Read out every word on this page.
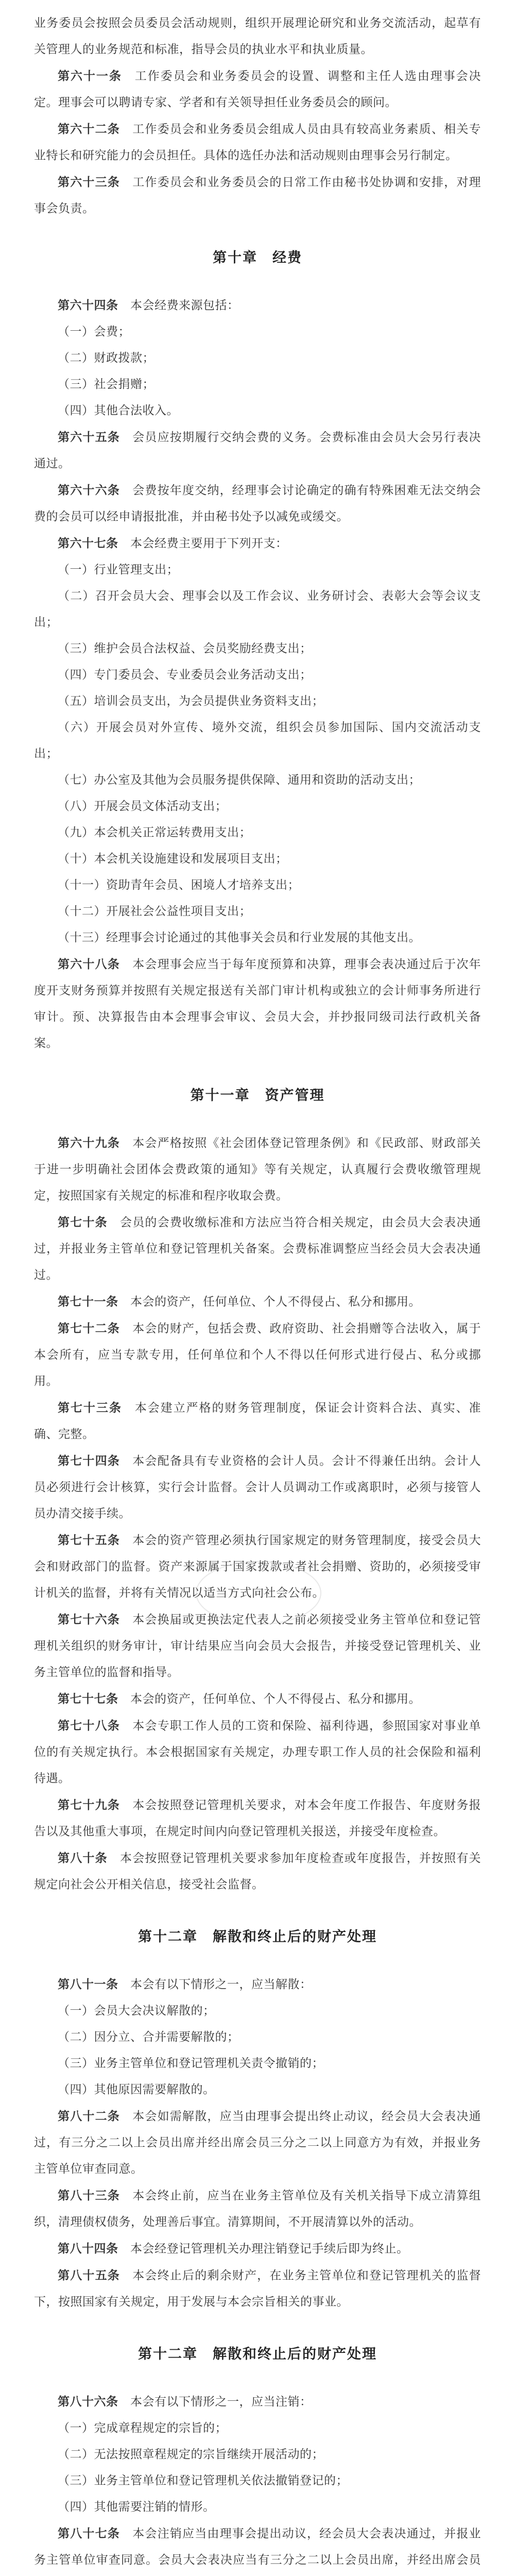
业务委员会按照会员委员会活动规则，组织开展理论研究和业务交流活动，起草有关管理人的业务规范和标准，指导会员的执业水平和执业质量。

第六十一条　 工作委员会和业务委员会的设置、调整和主任人选由理事会决定。理事会可以聘请专家、学者和有关领导担任业务委员会的顾问。

第六十二条　 工作委员会和业务委员会组成人员由具有较高业务素质、相关专业特长和研究能力的会员担任。具体的选任办法和活动规则由理事会另行制定。

第六十三条　 工作委员会和业务委员会的日常工作由秘书处协调和安排，对理事会负责。

第十章　经费

第六十四条　 本会经费来源包括：

（一）会费；

（二）财政拨款；

（三）社会捐赠；

（四）其他合法收入。

第六十五条　 会员应按期履行交纳会费的义务。会费标准由会员大会另行表决通过。

第六十六条　 会费按年度交纳，经理事会讨论确定的确有特殊困难无法交纳会费的会员可以经申请报批准，并由秘书处予以减免或缓交。

第六十七条　 本会经费主要用于下列开支：

（一）行业管理支出；

（二）召开会员大会、理事会以及工作会议、业务研讨会、表彰大会等会议支出；

（三）维护会员合法权益、会员奖励经费支出；

（四）专门委员会、专业委员会业务活动支出；

（五）培训会员支出，为会员提供业务资料支出；

（六）开展会员对外宣传、境外交流，组织会员参加国际、国内交流活动支出；

（七）办公室及其他为会员服务提供保障、通用和资助的活动支出；

（八）开展会员文体活动支出；

（九）本会机关正常运转费用支出；

（十）本会机关设施建设和发展项目支出；

（十一）资助青年会员、困境人才培养支出；

（十二）开展社会公益性项目支出；

（十三）经理事会讨论通过的其他事关会员和行业发展的其他支出。

第六十八条　 本会理事会应当于每年度预算和决算，理事会表决通过后于次年度开支财务预算并按照有关规定报送有关部门审计机构或独立的会计师事务所进行审计。预、决算报告由本会理事会审议、会员大会，并抄报同级司法行政机关备案。

第十一章　资产管理

第六十九条　 本会严格按照《社会团体登记管理条例》和《民政部、财政部关于进一步明确社会团体会费政策的通知》等有关规定，认真履行会费收缴管理规定，按照国家有关规定的标准和程序收取会费。

第七十条　 会员的会费收缴标准和方法应当符合相关规定，由会员大会表决通过，并报业务主管单位和登记管理机关备案。会费标准调整应当经会员大会表决通过。

第七十一条　 本会的资产，任何单位、个人不得侵占、私分和挪用。

第七十二条　 本会的财产，包括会费、政府资助、社会捐赠等合法收入，属于本会所有，应当专款专用，任何单位和个人不得以任何形式进行侵占、私分或挪用。

第七十三条　 本会建立严格的财务管理制度，保证会计资料合法、真实、准确、完整。

第七十四条　 本会配备具有专业资格的会计人员。会计不得兼任出纳。会计人员必须进行会计核算，实行会计监督。会计人员调动工作或离职时，必须与接管人员办清交接手续。

第七十五条　 本会的资产管理必须执行国家规定的财务管理制度，接受会员大会和财政部门的监督。资产来源属于国家拨款或者社会捐赠、资助的，必须接受审计机关的监督，并将有关情况以适当方式向社会公布。

第七十六条　 本会换届或更换法定代表人之前必须接受业务主管单位和登记管理机关组织的财务审计，审计结果应当向会员大会报告，并接受登记管理机关、业务主管单位的监督和指导。

第七十七条　 本会的资产，任何单位、个人不得侵占、私分和挪用。

第七十八条　 本会专职工作人员的工资和保险、福利待遇，参照国家对事业单位的有关规定执行。本会根据国家有关规定，办理专职工作人员的社会保险和福利待遇。

第七十九条　 本会按照登记管理机关要求，对本会年度工作报告、年度财务报告以及其他重大事项，在规定时间内向登记管理机关报送，并接受年度检查。

第八十条　 本会按照登记管理机关要求参加年度检查或年度报告，并按照有关规定向社会公开相关信息，接受社会监督。

第十二章　解散和终止后的财产处理

第八十一条　 本会有以下情形之一，应当解散：

（一）会员大会决议解散的；

（二）因分立、合并需要解散的；

（三）业务主管单位和登记管理机关责令撤销的；

（四）其他原因需要解散的。

第八十二条　 本会如需解散，应当由理事会提出终止动议，经会员大会表决通过，有三分之二以上会员出席并经出席会员三分之二以上同意方为有效，并报业务主管单位审查同意。

第八十三条　 本会终止前，应当在业务主管单位及有关机关指导下成立清算组织，清理债权债务，处理善后事宜。清算期间，不开展清算以外的活动。

第八十四条　 本会经登记管理机关办理注销登记手续后即为终止。

第八十五条　 本会终止后的剩余财产，在业务主管单位和登记管理机关的监督下，按照国家有关规定，用于发展与本会宗旨相关的事业。

第十二章　解散和终止后的财产处理

第八十六条　 本会有以下情形之一，应当注销：

（一）完成章程规定的宗旨的；

（二）无法按照章程规定的宗旨继续开展活动的；

（三）业务主管单位和登记管理机关依法撤销登记的；

（四）其他需要注销的情形。

第八十七条　 本会注销应当由理事会提出动议，经会员大会表决通过，并报业务主管单位审查同意。会员大会表决应当有三分之二以上会员出席，并经出席会员
